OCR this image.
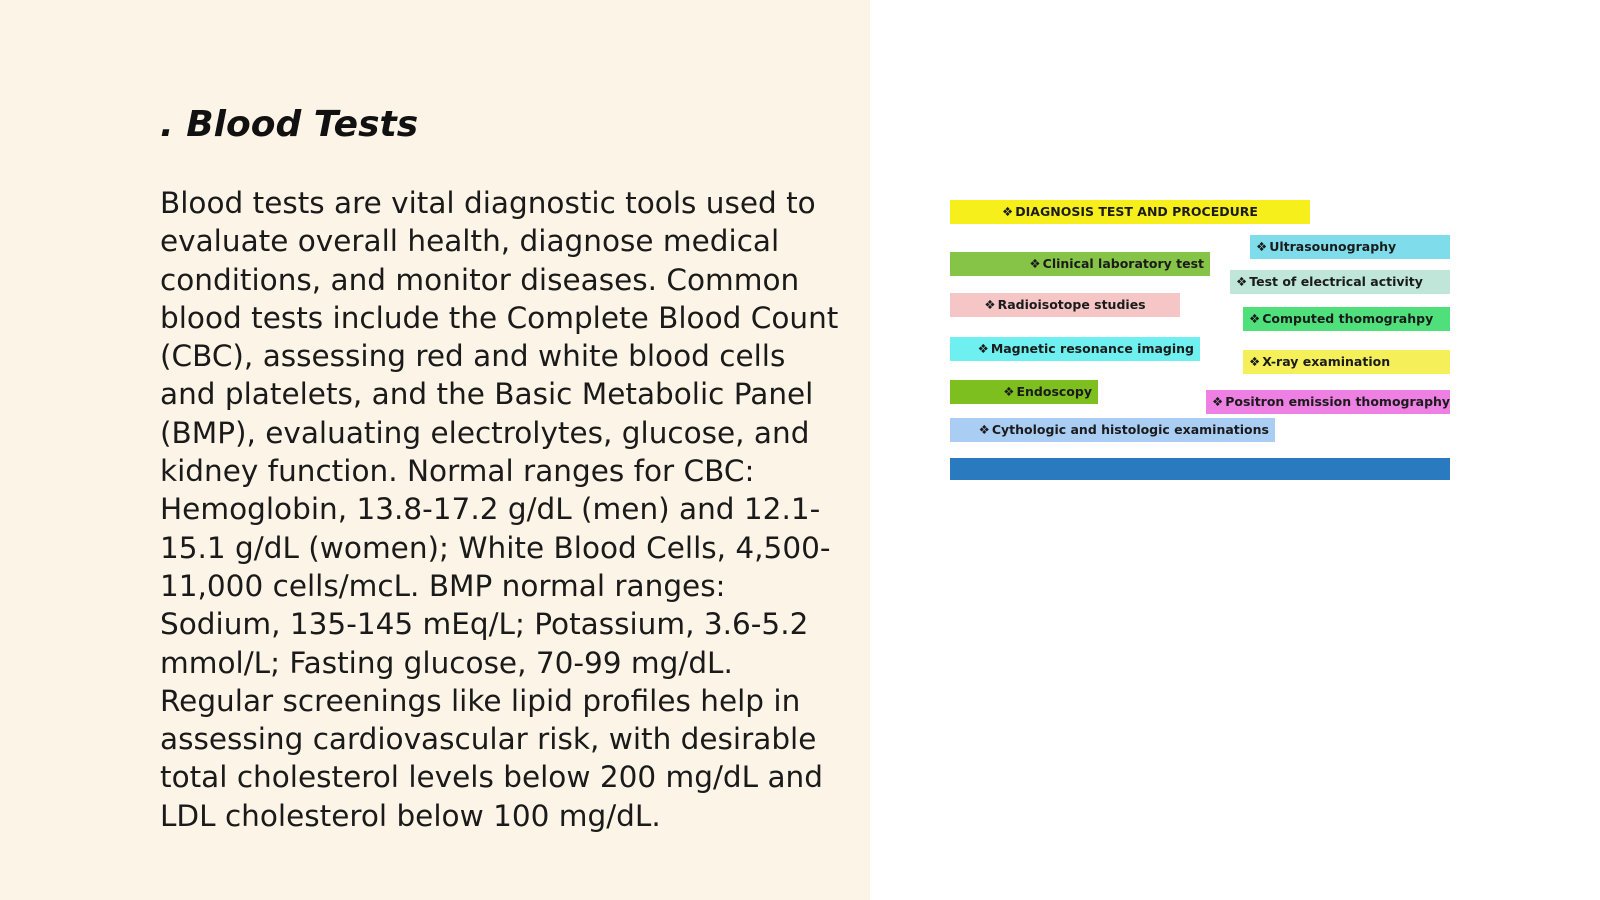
. Blood Tests

Blood tests are vital diagnostic tools used to evaluate overall health, diagnose medical conditions, and monitor diseases. Common blood tests include the Complete Blood Count (CBC), assessing red and white blood cells and platelets, and the Basic Metabolic Panel (BMP), evaluating electrolytes, glucose, and kidney function. Normal ranges for CBC: Hemoglobin, 13.8-17.2 g/dL (men) and 12.1-15.1 g/dL (women); White Blood Cells, 4,500-11,000 cells/mcL. BMP normal ranges: Sodium, 135-145 mEq/L; Potassium, 3.6-5.2 mmol/L; Fasting glucose, 70-99 mg/dL. Regular screenings like lipid profiles help in assessing cardiovascular risk, with desirable total cholesterol levels below 200 mg/dL and LDL cholesterol below 100 mg/dL.

❖ DIAGNOSIS TEST AND PROCEDURE
❖ Clinical laboratory test
❖ Radioisotope studies
❖ Magnetic resonance imaging
❖ Endoscopy
❖ Cythologic and histologic examinations
❖ Ultrasounography
❖ Test of electrical activity
❖ Computed thomograhpy
❖ X-ray examination
❖ Positron emission thomography
